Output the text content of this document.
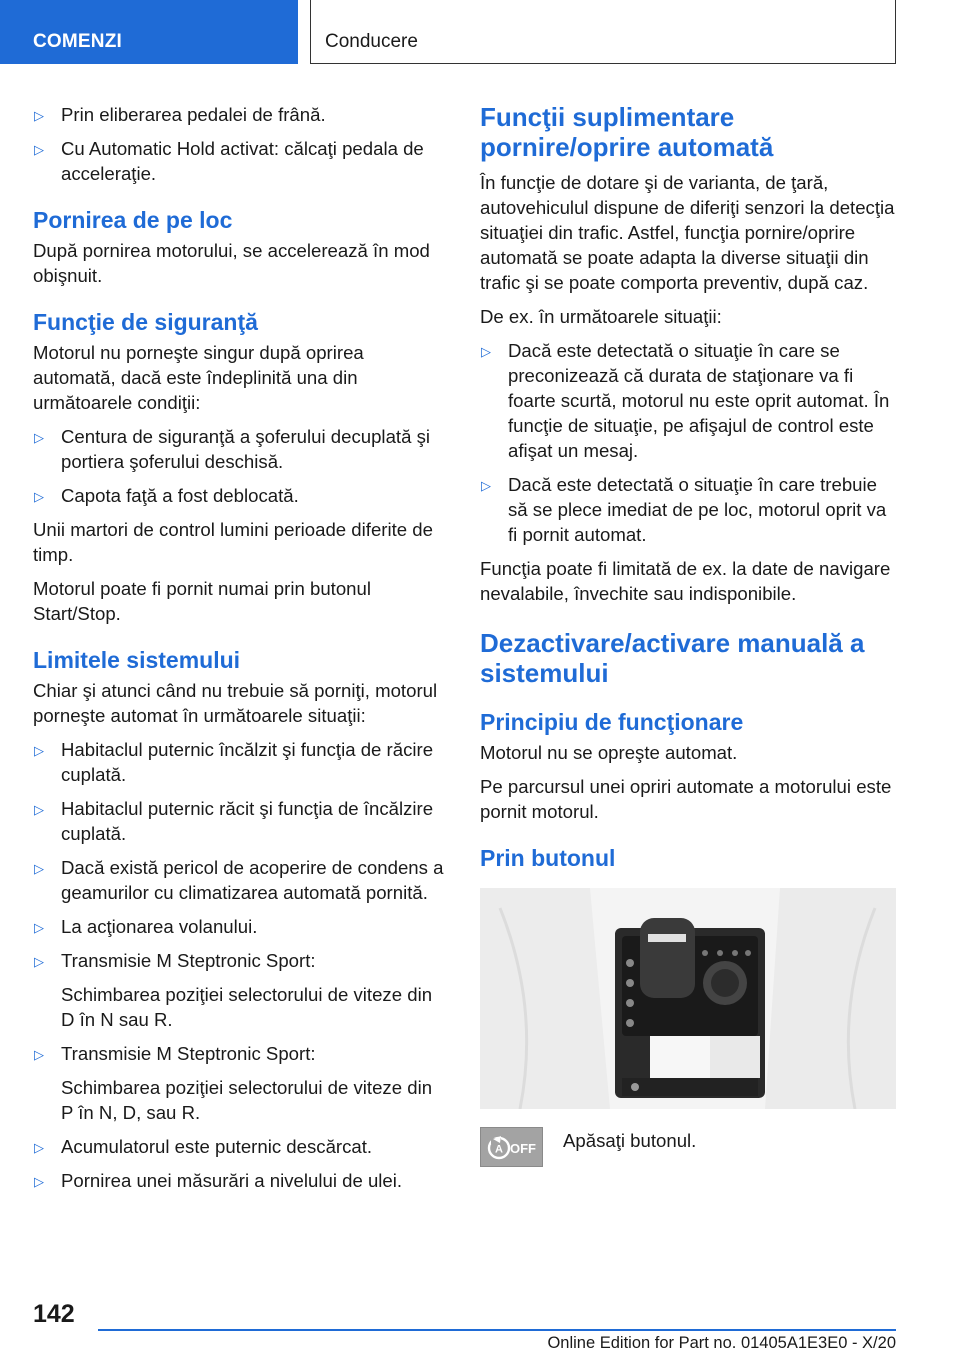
COMENZI	Conducere
▷ Prin eliberarea pedalei de frână.

▷ Cu Automatic Hold activat: călcaţi pedala de acceleraţie.

Pornirea de pe loc

După pornirea motorului, se accelerează în mod obişnuit.

Funcţie de siguranţă

Motorul nu porneşte singur după oprirea automată, dacă este îndeplinită una din următoarele condiţii:

▷ Centura de siguranţă a şoferului decuplată şi portiera şoferului deschisă.

▷ Capota faţă a fost deblocată.

Unii martori de control lumini perioade diferite de timp.

Motorul poate fi pornit numai prin butonul Start/Stop.

Limitele sistemului

Chiar şi atunci când nu trebuie să porniţi, motorul porneşte automat în următoarele situaţii:

▷ Habitaclul puternic încălzit şi funcţia de răcire cuplată.

▷ Habitaclul puternic răcit şi funcţia de încălzire cuplată.

▷ Dacă există pericol de acoperire de condens a geamurilor cu climatizarea automată pornită.

▷ La acţionarea volanului.

▷ Transmisie M Steptronic Sport:

Schimbarea poziţiei selectorului de viteze din D în N sau R.

▷ Transmisie M Steptronic Sport:

Schimbarea poziţiei selectorului de viteze din P în N, D, sau R.

▷ Acumulatorul este puternic descărcat.

▷ Pornirea unei măsurări a nivelului de ulei.

Funcţii suplimentare pornire/oprire automată

În funcţie de dotare şi de varianta, de ţară, autovehiculul dispune de diferiţi senzori la detecţia situaţiei din trafic. Astfel, funcţia pornire/oprire automată se poate adapta la diverse situaţii din trafic şi se poate comporta preventiv, după caz.

De ex. în următoarele situaţii:

▷ Dacă este detectată o situaţie în care se preconizează că durata de staţionare va fi foarte scurtă, motorul nu este oprit automat. În funcţie de situaţie, pe afişajul de control este afişat un mesaj.

▷ Dacă este detectată o situaţie în care trebuie să se plece imediat de pe loc, motorul oprit va fi pornit automat.

Funcţia poate fi limitată de ex. la date de navigare nevalabile, învechite sau indisponibile.

Dezactivare/activare manuală a sistemului
Principiu de funcţionare

Motorul nu se opreşte automat.

Pe parcursul unei opriri automate a motorului este pornit motorul.

Prin butonul
A OFF Apăsaţi butonul.

142
Online Edition for Part no. 01405A1E3E0 - X/20
